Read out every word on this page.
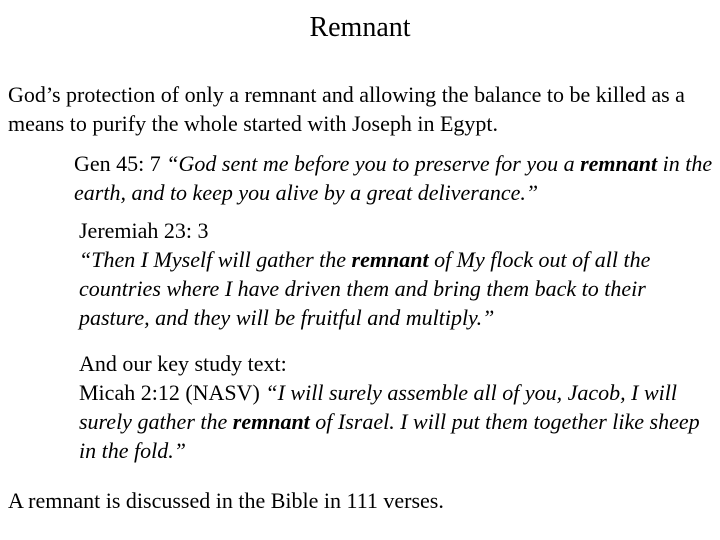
Remnant
God’s protection of only a remnant and allowing the balance to be killed as a means to purify the whole started with Joseph in Egypt.

Gen 45: 7 “God sent me before you to preserve for you a remnant in the earth, and to keep you alive by a great deliverance.”

Jeremiah 23: 3

“Then I Myself will gather the remnant of My flock out of all the countries where I have driven them and bring them back to their pasture, and they will be fruitful and multiply.”

And our key study text:

Micah 2:12 (NASV) “I will surely assemble all of you, Jacob, I will surely gather the remnant of Israel. I will put them together like sheep in the fold.”

A remnant is discussed in the Bible in 111 verses.
